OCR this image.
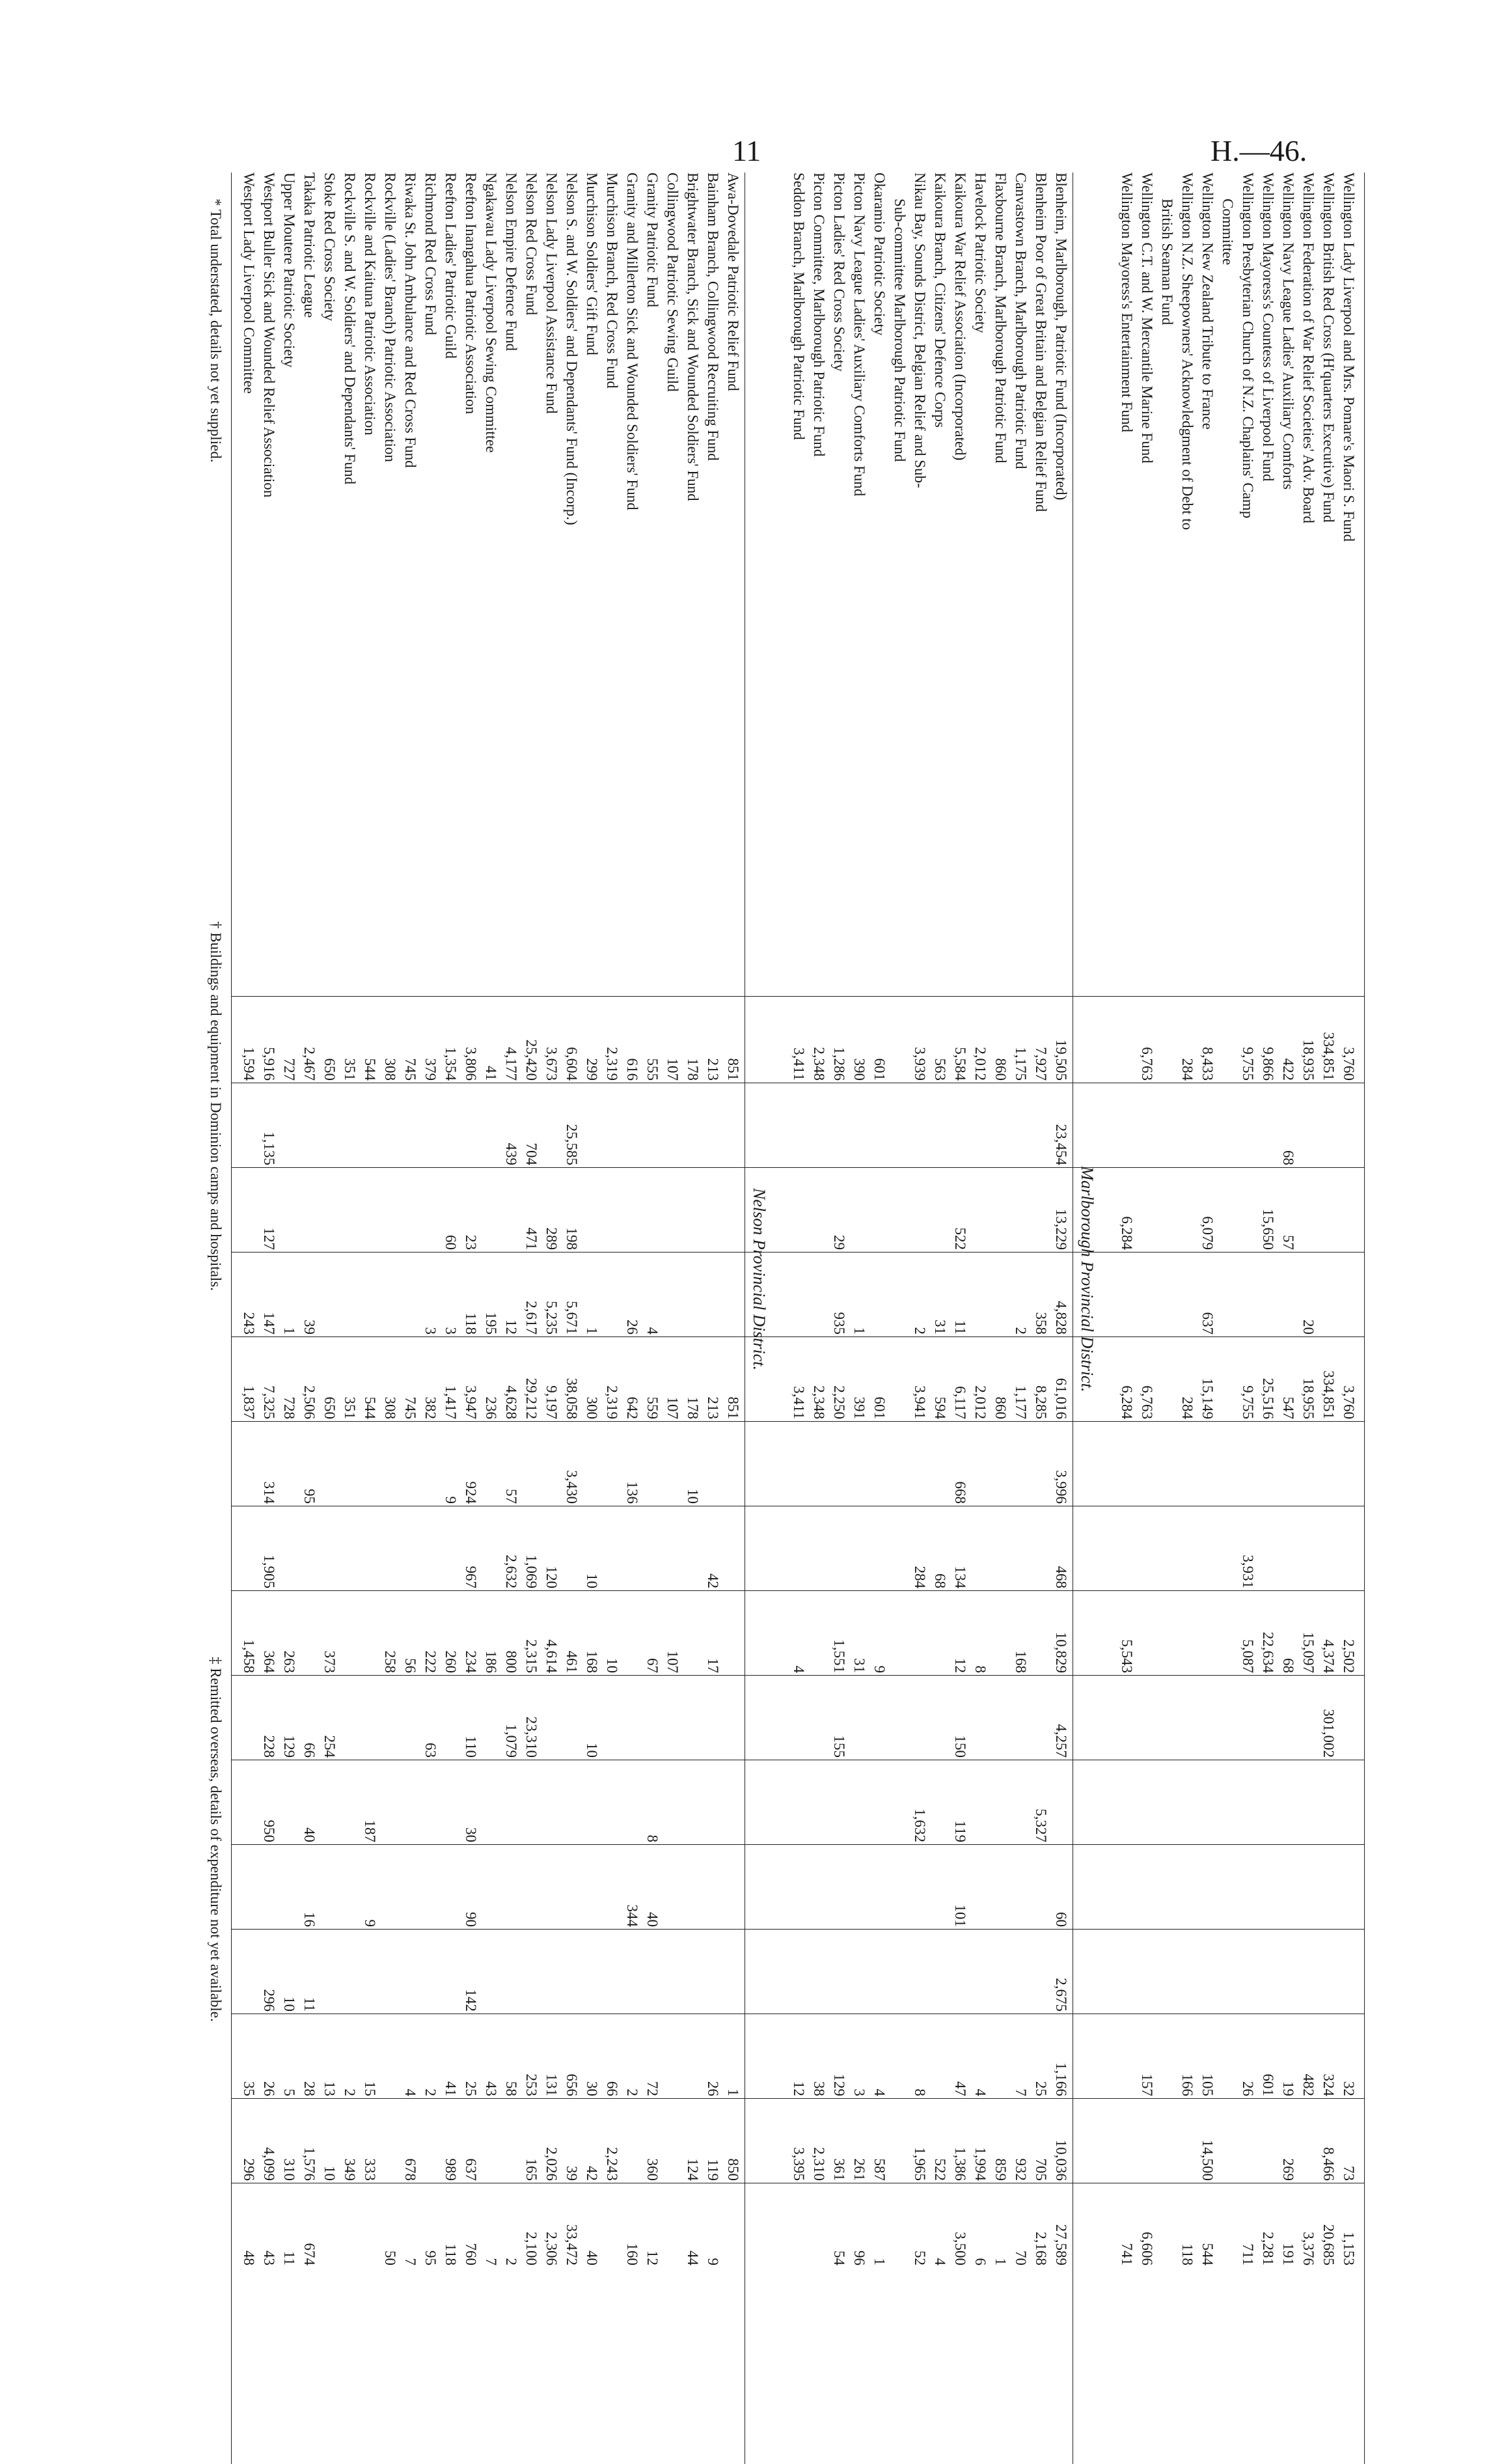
11	H.—46.
Wellington Lady Liverpool and Mrs. Pomare's Maori S. Fund
3,760
3,760
2,502
32
73
1,153
Wellington British Red Cross (H'quarters Executive) Fund
334,851
334,851
4,374
301,002
324
8,466
20,685
Wellington Federation of War Relief Societies' Adv. Board
18,935
20
18,955
15,097
482
3,376
Wellington Navy League Ladies' Auxiliary Comforts
422
68
57
547
68
19
269
191
Wellington Mayoress's Countess of Liverpool Fund
9,866
15,650
25,516
22,634
601
2,281
Wellington Presbyterian Church of N.Z. Chaplains' Camp
9,755
9,755
3,931
5,087
26
711
Committee
Wellington New Zealand Tribute to France
8,433
6,079
637
15,149
105
14,500
544
Wellington N.Z. Sheepowners' Acknowledgment of Debt to
284
284
166
118
British Seaman Fund
Wellington C.T. and W. Mercantile Marine Fund
6,763
6,763
157
6,606
Wellington Mayoress's Entertainment Fund
6,284
6,284
5,543
741
Marlborough Provincial District.
Blenheim, Marlborough, Patriotic Fund (Incorporated)
19,505
23,454
13,229
4,828
61,016
3,996
468
10,829
4,257
60
2,675
1,166
10,036
27,589
Blenheim Poor of Great Britain and Belgian Relief Fund
7,927
358
8,285
5,327
25
705
2,168
Canvastown Branch, Marlborough Patriotic Fund
1,175
2
1,177
168
7
932
70
Flaxbourne Branch, Marlborough Patriotic Fund
860
860
859
1
Havelock Patriotic Society
2,012
2,012
8
4
1,994
6
Kaikoura War Relief Association (Incorporated)
5,584
522
11
6,117
668
134
12
150
119
101
47
1,386
3,500
Kaikoura Branch, Citizens' Defence Corps
563
31
594
68
522
4
Nikau Bay, Sounds District, Belgian Relief and Sub-
3,939
2
3,941
284
1,632
8
1,965
52
Sub-committee Marlborough Patriotic Fund
Okaramio Patriotic Society
601
601
9
4
587
1
Picton Navy League Ladies' Auxiliary Comforts Fund
390
1
391
31
3
261
96
Picton Ladies' Red Cross Society
1,286
29
935
2,250
1,551
155
129
361
54
Picton Committee, Marlborough Patriotic Fund
2,348
2,348
38
2,310
Seddon Branch, Marlborough Patriotic Fund
3,411
3,411
4
12
3,395
Nelson Provincial District.
Awa-Dovedale Patriotic Relief Fund
851
851
1
850
Bainham Branch, Collingwood Recruiting Fund
213
213
42
17
26
119
9
Brightwater Branch, Sick and Wounded Soldiers' Fund
178
178
10
124
44
Collingwood Patriotic Sewing Guild
107
107
107
Granity Patriotic Fund
555
4
559
67
8
40
72
360
12
Granity and Millerton Sick and Wounded Soldiers' Fund
616
26
642
136
344
2
160
Murchison Branch, Red Cross Fund
2,319
2,319
10
66
2,243
Murchison Soldiers' Gift Fund
299
1
300
10
168
10
30
42
40
Nelson S. and W. Soldiers' and Dependants' Fund (Incorp.)
6,604
25,585
198
5,671
38,058
3,430
461
656
39
33,472
Nelson Lady Liverpool Assistance Fund
3,673
289
5,235
9,197
120
4,614
131
2,026
2,306
Nelson Red Cross Fund
25,420
704
471
2,617
29,212
1,069
2,315
23,310
253
165
2,100
Nelson Empire Defence Fund
4,177
439
12
4,628
57
2,632
800
1,079
58
2
Ngakawau Lady Liverpool Sewing Committee
41
195
236
186
43
7
Reefton Inangahua Patriotic Association
3,806
23
118
3,947
924
967
234
110
30
90
142
25
637
760
Reefton Ladies' Patriotic Guild
1,354
60
3
1,417
9
260
41
989
118
Richmond Red Cross Fund
379
3
382
222
63
2
95
Riwaka St. John Ambulance and Red Cross Fund
745
745
56
4
678
7
Rockville (Ladies' Branch) Patriotic Association
308
308
258
50
Rockville and Kaituna Patriotic Association
544
544
187
9
15
333
Rockville S. and W. Soldiers' and Dependants' Fund
351
351
2
349
Stoke Red Cross Society
650
650
373
254
13
10
Takaka Patriotic League
2,467
39
2,506
95
66
40
16
11
28
1,576
674
Upper Moutere Patriotic Society
727
1
728
263
129
10
5
310
11
Westport Buller Sick and Wounded Relief Association
5,916
1,135
127
147
7,325
314
1,905
364
228
950
296
26
4,099
43
Westport Lady Liverpool Committee
1,594
243
1,837
1,458
35
296
48
* Total understated, details not yet supplied.
† Buildings and equipment in Dominion camps and hospitals.
‡ Remitted overseas, details of expenditure not yet available.
